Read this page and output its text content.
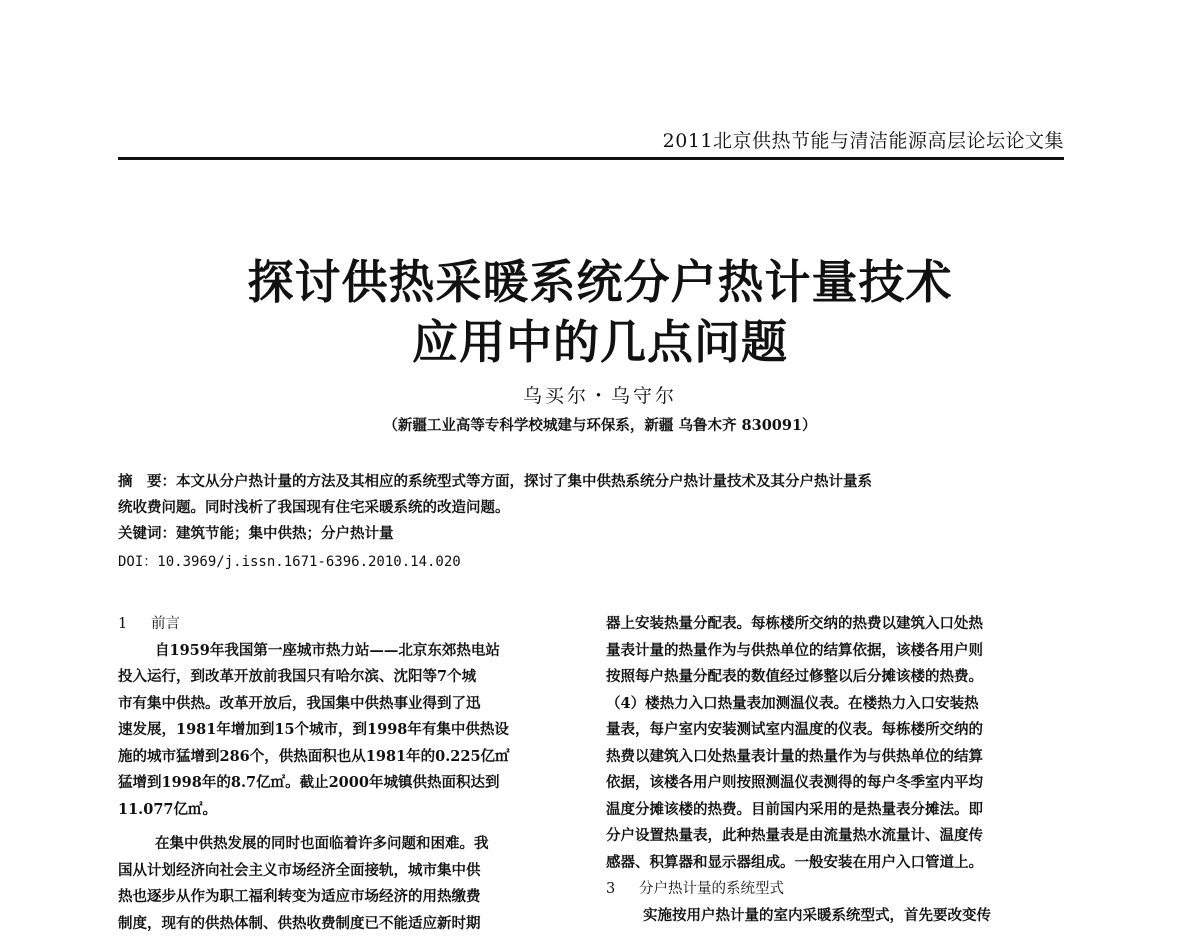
2011北京供热节能与清洁能源高层论坛论文集
探讨供热采暖系统分户热计量技术
应用中的几点问题
乌买尔・乌守尔
（新疆工业高等专科学校城建与环保系，新疆 乌鲁木齐 830091）
摘　要：本文从分户热计量的方法及其相应的系统型式等方面，探讨了集中供热系统分户热计量技术及其分户热计量系
统收费问题。同时浅析了我国现有住宅采暖系统的改造问题。
关键词：建筑节能；集中供热；分户热计量
DOI：10.3969/j.issn.1671-6396.2010.14.020
1 前言
自1959年我国第一座城市热力站——北京东郊热电站
投入运行，到改革开放前我国只有哈尔滨、沈阳等7个城
市有集中供热。改革开放后，我国集中供热事业得到了迅
速发展，1981年增加到15个城市，到1998年有集中供热设
施的城市猛增到286个，供热面积也从1981年的0.225亿㎡
猛增到1998年的8.7亿㎡。截止2000年城镇供热面积达到
11.077亿㎡。
在集中供热发展的同时也面临着许多问题和困难。我
国从计划经济向社会主义市场经济全面接轨，城市集中供
热也逐步从作为职工福利转变为适应市场经济的用热缴费
制度，现有的供热体制、供热收费制度已不能适应新时期
器上安装热量分配表。每栋楼所交纳的热费以建筑入口处热
量表计量的热量作为与供热单位的结算依据，该楼各用户则
按照每户热量分配表的数值经过修整以后分摊该楼的热费。
（4）楼热力入口热量表加测温仪表。在楼热力入口安装热
量表，每户室内安装测试室内温度的仪表。每栋楼所交纳的
热费以建筑入口处热量表计量的热量作为与供热单位的结算
依据，该楼各用户则按照测温仪表测得的每户冬季室内平均
温度分摊该楼的热费。目前国内采用的是热量表分摊法。即
分户设置热量表，此种热量表是由流量热水流量计、温度传
感器、积算器和显示器组成。一般安装在用户入口管道上。
3 分户热计量的系统型式
实施按用户热计量的室内采暖系统型式，首先要改变传
